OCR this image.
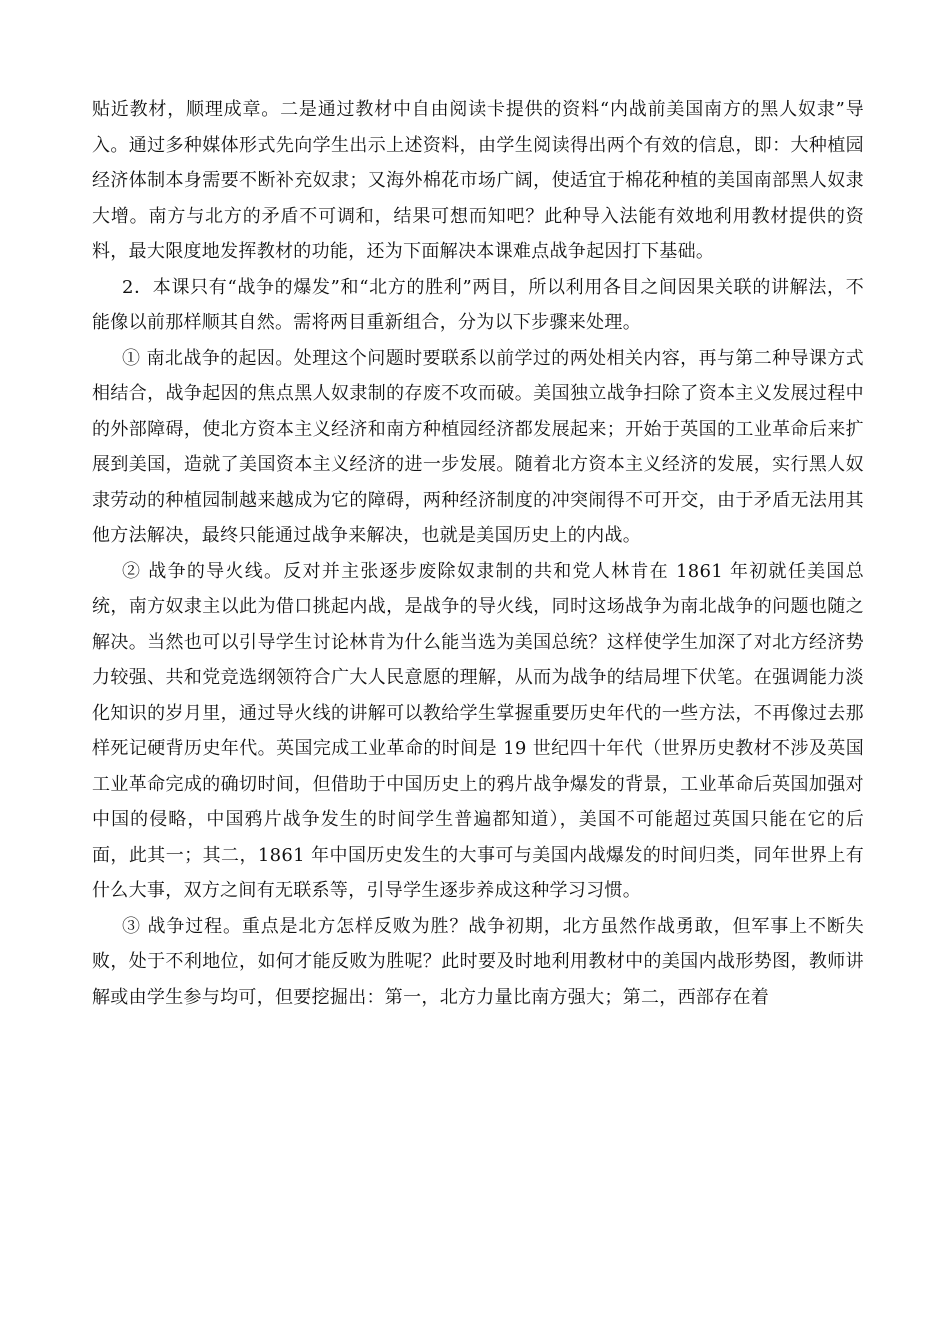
贴近教材，顺理成章。二是通过教材中自由阅读卡提供的资料“内战前美国南方的黑人奴隶”导入。通过多种媒体形式先向学生出示上述资料，由学生阅读得出两个有效的信息，即：大种植园经济体制本身需要不断补充奴隶；又海外棉花市场广阔，使适宜于棉花种植的美国南部黑人奴隶大增。南方与北方的矛盾不可调和，结果可想而知吧？此种导入法能有效地利用教材提供的资料，最大限度地发挥教材的功能，还为下面解决本课难点战争起因打下基础。

2．本课只有“战争的爆发”和“北方的胜利”两目，所以利用各目之间因果关联的讲解法，不能像以前那样顺其自然。需将两目重新组合，分为以下步骤来处理。

① 南北战争的起因。处理这个问题时要联系以前学过的两处相关内容，再与第二种导课方式相结合，战争起因的焦点黑人奴隶制的存废不攻而破。美国独立战争扫除了资本主义发展过程中的外部障碍，使北方资本主义经济和南方种植园经济都发展起来；开始于英国的工业革命后来扩展到美国，造就了美国资本主义经济的进一步发展。随着北方资本主义经济的发展，实行黑人奴隶劳动的种植园制越来越成为它的障碍，两种经济制度的冲突闹得不可开交，由于矛盾无法用其他方法解决，最终只能通过战争来解决，也就是美国历史上的内战。

② 战争的导火线。反对并主张逐步废除奴隶制的共和党人林肯在 1861 年初就任美国总统，南方奴隶主以此为借口挑起内战，是战争的导火线，同时这场战争为南北战争的问题也随之解决。当然也可以引导学生讨论林肯为什么能当选为美国总统？这样使学生加深了对北方经济势力较强、共和党竞选纲领符合广大人民意愿的理解，从而为战争的结局埋下伏笔。在强调能力淡化知识的岁月里，通过导火线的讲解可以教给学生掌握重要历史年代的一些方法，不再像过去那样死记硬背历史年代。英国完成工业革命的时间是 19 世纪四十年代（世界历史教材不涉及英国工业革命完成的确切时间，但借助于中国历史上的鸦片战争爆发的背景，工业革命后英国加强对中国的侵略，中国鸦片战争发生的时间学生普遍都知道），美国不可能超过英国只能在它的后面，此其一；其二，1861 年中国历史发生的大事可与美国内战爆发的时间归类，同年世界上有什么大事，双方之间有无联系等，引导学生逐步养成这种学习习惯。

③ 战争过程。重点是北方怎样反败为胜？战争初期，北方虽然作战勇敢，但军事上不断失败，处于不利地位，如何才能反败为胜呢？此时要及时地利用教材中的美国内战形势图，教师讲解或由学生参与均可，但要挖掘出：第一，北方力量比南方强大；第二，西部存在着
